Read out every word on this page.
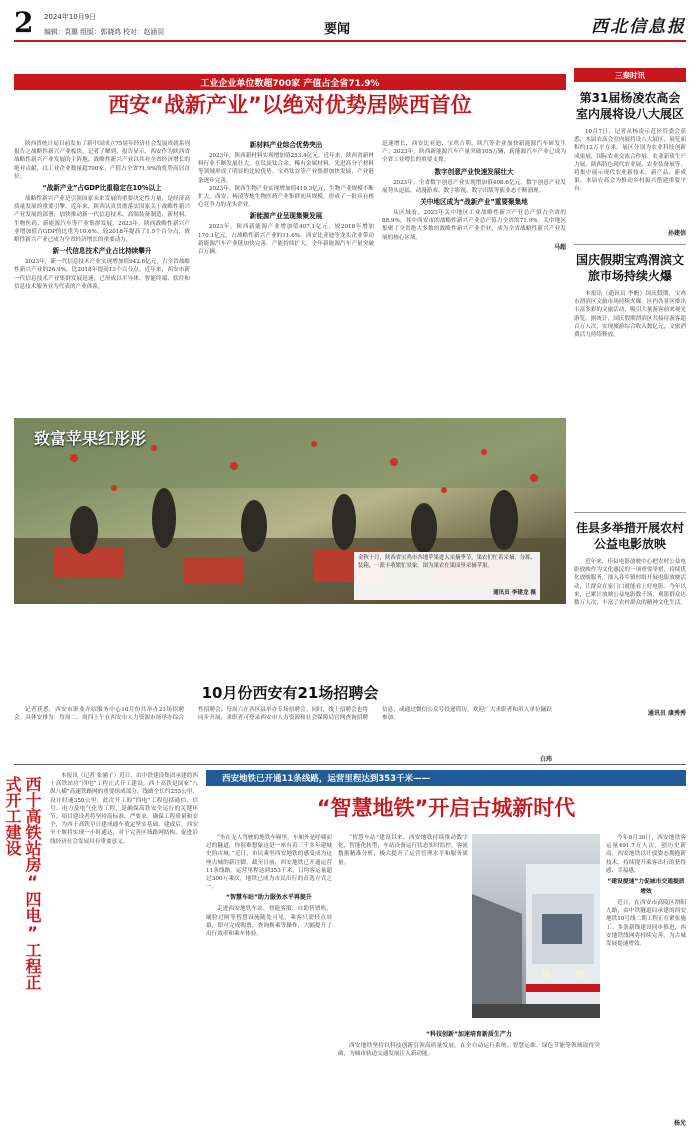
2 2024年10月9日
编辑：袁璐 组版：郭晓鸿 校对：赵涵羽	要闻	西北信息报
工业企业单位数超700家 产值占全省71.9%
西安“战新产业”以绝对优势居陕西首位
陕西省统计局日前发布了新中国成立75周年经济社会发展成就系列报告之战略性新兴产业板块。记者了解到，报告显示，西安作为陕西省战略性新兴产业发展的主阵地，战略性新兴产业以其对全省经济增长的绝对贡献，以工业企业数量超700家、产值占全省71.9%的优势高居首位。
“战新产业”占GDP比重稳定在10%以上
战略性新兴产业是引领国家未来发展的重要决定性力量，是经济高质量发展的重要引擎。近年来，陕西认真贯彻落实国家关于战略性新兴产业发展的部署，加快推动新一代信息技术、高端装备制造、新材料、生物医药、新能源汽车等产业集群发展。2023年，陕西战略性新兴产业增加值占GDP的比重为10.6%，较2018年提高了1.5个百分点，战略性新兴产业已成为全省经济增长的重要动力。
新一代信息技术产业占比持续攀升
2023年，新一代信息技术产业实现增加值942.6亿元，占全省战略性新兴产业的26.9%，比2018年提高13个百分点。近年来，西安市新一代信息技术产业集群发展迅速，已形成以半导体、智能终端、软件和信息技术服务业为代表的产业体系。
新材料产业综合优势突出
2023年，陕西新材料实现增加值253.4亿元。近年来，陕西省新材料行业不断发展壮大，在钛及钛合金、稀有金属材料、先进高分子材料等领域形成了明显的比较优势。宝鸡钛谷等产业集群加快发展，产业链条逐步完善。
2023年，陕西生物产业实现增加值419.3亿元，生物产业规模不断扩大。西安、杨凌等地生物医药产业集群初具规模，形成了一批具有核心竞争力的龙头企业。
新能源产业呈现集聚发展
2023年，陕西新能源产业增加值407.1亿元，较2018年增加170.1亿元，占战略性新兴产业的11.6%。西安比亚迪等龙头企业带动新能源汽车产业链加快完善，产能持续扩大，全年新能源汽车产量突破百万辆。
迅速增长，西安比亚迪、宝鸡吉利、陕汽等企业加快新能源汽车研发生产。2023年，陕西新能源汽车产量突破105万辆，新能源汽车产业已成为全省工业增长的重要支撑。
数字创意产业快速发展壮大
2023年，全省数字创意产业实现增加值408.6亿元。数字创意产业发展势头迅猛，动漫游戏、数字影视、数字出版等新业态不断涌现。
关中地区成为“战新产业”重要聚集地
从区域看，2023年关中地区工业战略性新兴产业总产值占全省的88.9%，其中西安市的战略性新兴产业总产值占全省的71.9%。关中地区集聚了全省绝大多数的战略性新兴产业企业，成为全省战略性新兴产业发展的核心区域。
马超
致富苹果红彤彤
金秋十月，陕西省宝鸡市各地苹果进入采摘季节，果农们忙着采摘、分拣、装箱，一派丰收繁忙景象。图为果农在果园里采摘苹果。
通讯员 李建龙 摄
10月份西安有21场招聘会
记者获悉，西安市职业介绍服务中心10月份共举办21场招聘会。具体安排为：每周二、周四上午在西安市人力资源市场举办综合性招聘会；每周六在各区县举办专场招聘会。同时，线上招聘会也将同步开展，求职者可登录西安市人力资源和社会保障局官网查询招聘信息，或通过微信公众号投递简历。欢迎广大求职者和用人单位踊跃参加。
白玮
三秦时讯
第31届杨凌农高会室内展将设八大展区
10月7日，记者从杨凌示范区管委会获悉，本届农高会室内展将设八大展区，展览面积约12万平方米。展区分别为农业科技创新成果展、国际农业交流合作展、农业新质生产力展、陕西特色现代农业展、农业装备展等，将集中展示现代农业新技术、新产品、新成果。本届农高会为推动乡村振兴搭建重要平台。
孙建信
国庆假期宝鸡渭滨文旅市场持续火爆
本报讯（通讯员 李帆）国庆假期，宝鸡市渭滨区文旅市场持续火爆。区内各景区推出丰富多彩的文旅活动，吸引大量游客前来观光游览。据统计，国庆假期渭滨区共接待游客超百万人次，实现旅游综合收入数亿元，文旅消费活力持续释放。
佳县多举措开展农村公益电影放映
近年来，佳县电影放映中心把农村公益电影放映作为文化惠民的一项重要举措，持续优化放映服务，深入各乡镇村组开展电影放映活动，让群众在家门口就能看上好电影。今年以来，已累计放映公益电影数千场，观影群众达数万人次，丰富了农村群众的精神文化生活。
通讯员 康秀秀
西十高铁站房“四电”工程正式开工建设	本报讯（记者 张涵子）近日，由中铁建设集团承建的西十高铁站房“四电”工程正式开工建设。西十高铁是国家“八纵八横”高速铁路网的重要组成部分，线路全长约255公里，设计时速350公里。此次开工的“四电”工程包括通信、信号、电力及电气化等工程，是确保高铁安全运行的关键环节。项目建设者将坚持高标准、严要求，确保工程质量和安全，为西十高铁早日建成通车奠定坚实基础。建成后，西安至十堰将实现一小时通达，对于完善区域路网结构、促进沿线经济社会发展具有重要意义。
西安地铁已开通11条线路，运营里程达到353千米——
“智慧地铁”开启古城新时代
“坐在无人驾驶的地铁车厢里，车厢外是呼啸而过的隧道，你很难想象这是一座有着三千多年建城史的古城。”近日，市民乘坐西安地铁的感受成为这座古城的新注脚。截至目前，西安地铁已开通运营11条线路，运营里程达到353千米，日均客运量超过300万乘次，地铁已成为市民出行的首选方式之一。
“智慧车站”助力服务水平再提升
走进西安地铁车站，智能客服、自助售票机、刷脸过闸等智慧设施随处可见。乘客只需轻点屏幕，即可完成购票、查询换乘等操作，大幅提升了出行效率和乘车体验。
“智慧车站”建设以来，西安地铁持续推动数字化、智能化转型，车站设备运行状态实时监控，客流数据精准分析，极大提升了运营管理水平和服务质量。
“科技创新”加速培育新质生产力
西安地铁坚持以科技创新引领高质量发展，在全自动运行系统、智慧运维、绿色节能等领域取得突破，为城市轨道交通发展注入新动能。
今年8月30日，西安地铁客运量491.7万人次，创历史新高。西安地铁以开放姿态拥抱新技术，持续提升乘客出行的获得感、幸福感。
“建设提速”力促城市交通提质增效
近日，在西安市高陵区渭阳九路，由中铁隧道局承建的西安地铁10号线二期工程正在紧张施工。多条新线建设同步推进，西安地铁线网将持续完善，为古城发展提速增效。
杨光
